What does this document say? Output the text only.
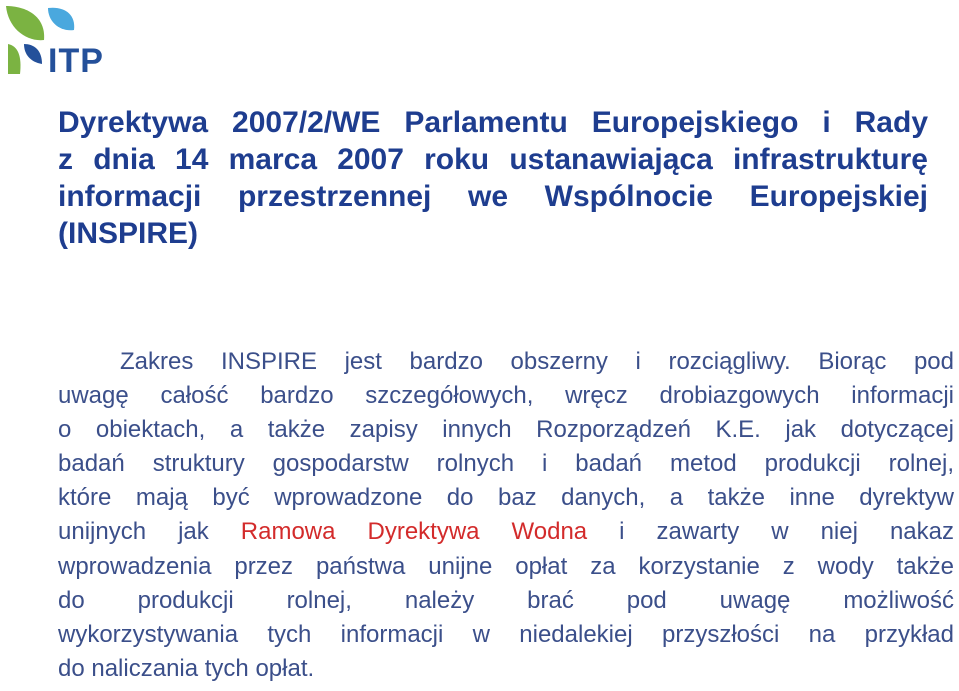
ITP
Dyrektywa 2007/2/WE Parlamentu Europejskiego i Rady
z dnia 14 marca 2007 roku ustanawiająca infrastrukturę
informacji przestrzennej we Wspólnocie Europejskiej
(INSPIRE)
Zakres INSPIRE jest bardzo obszerny i rozciągliwy. Biorąc pod
uwagę całość bardzo szczegółowych, wręcz drobiazgowych informacji
o obiektach, a także zapisy innych Rozporządzeń K.E. jak dotyczącej
badań struktury gospodarstw rolnych i badań metod produkcji rolnej,
które mają być wprowadzone do baz danych, a także inne dyrektyw
unijnych jak Ramowa Dyrektywa Wodna i zawarty w niej nakaz
wprowadzenia przez państwa unijne opłat za korzystanie z wody także
do produkcji rolnej, należy brać pod uwagę możliwość
wykorzystywania tych informacji w niedalekiej przyszłości na przykład
do naliczania tych opłat.
